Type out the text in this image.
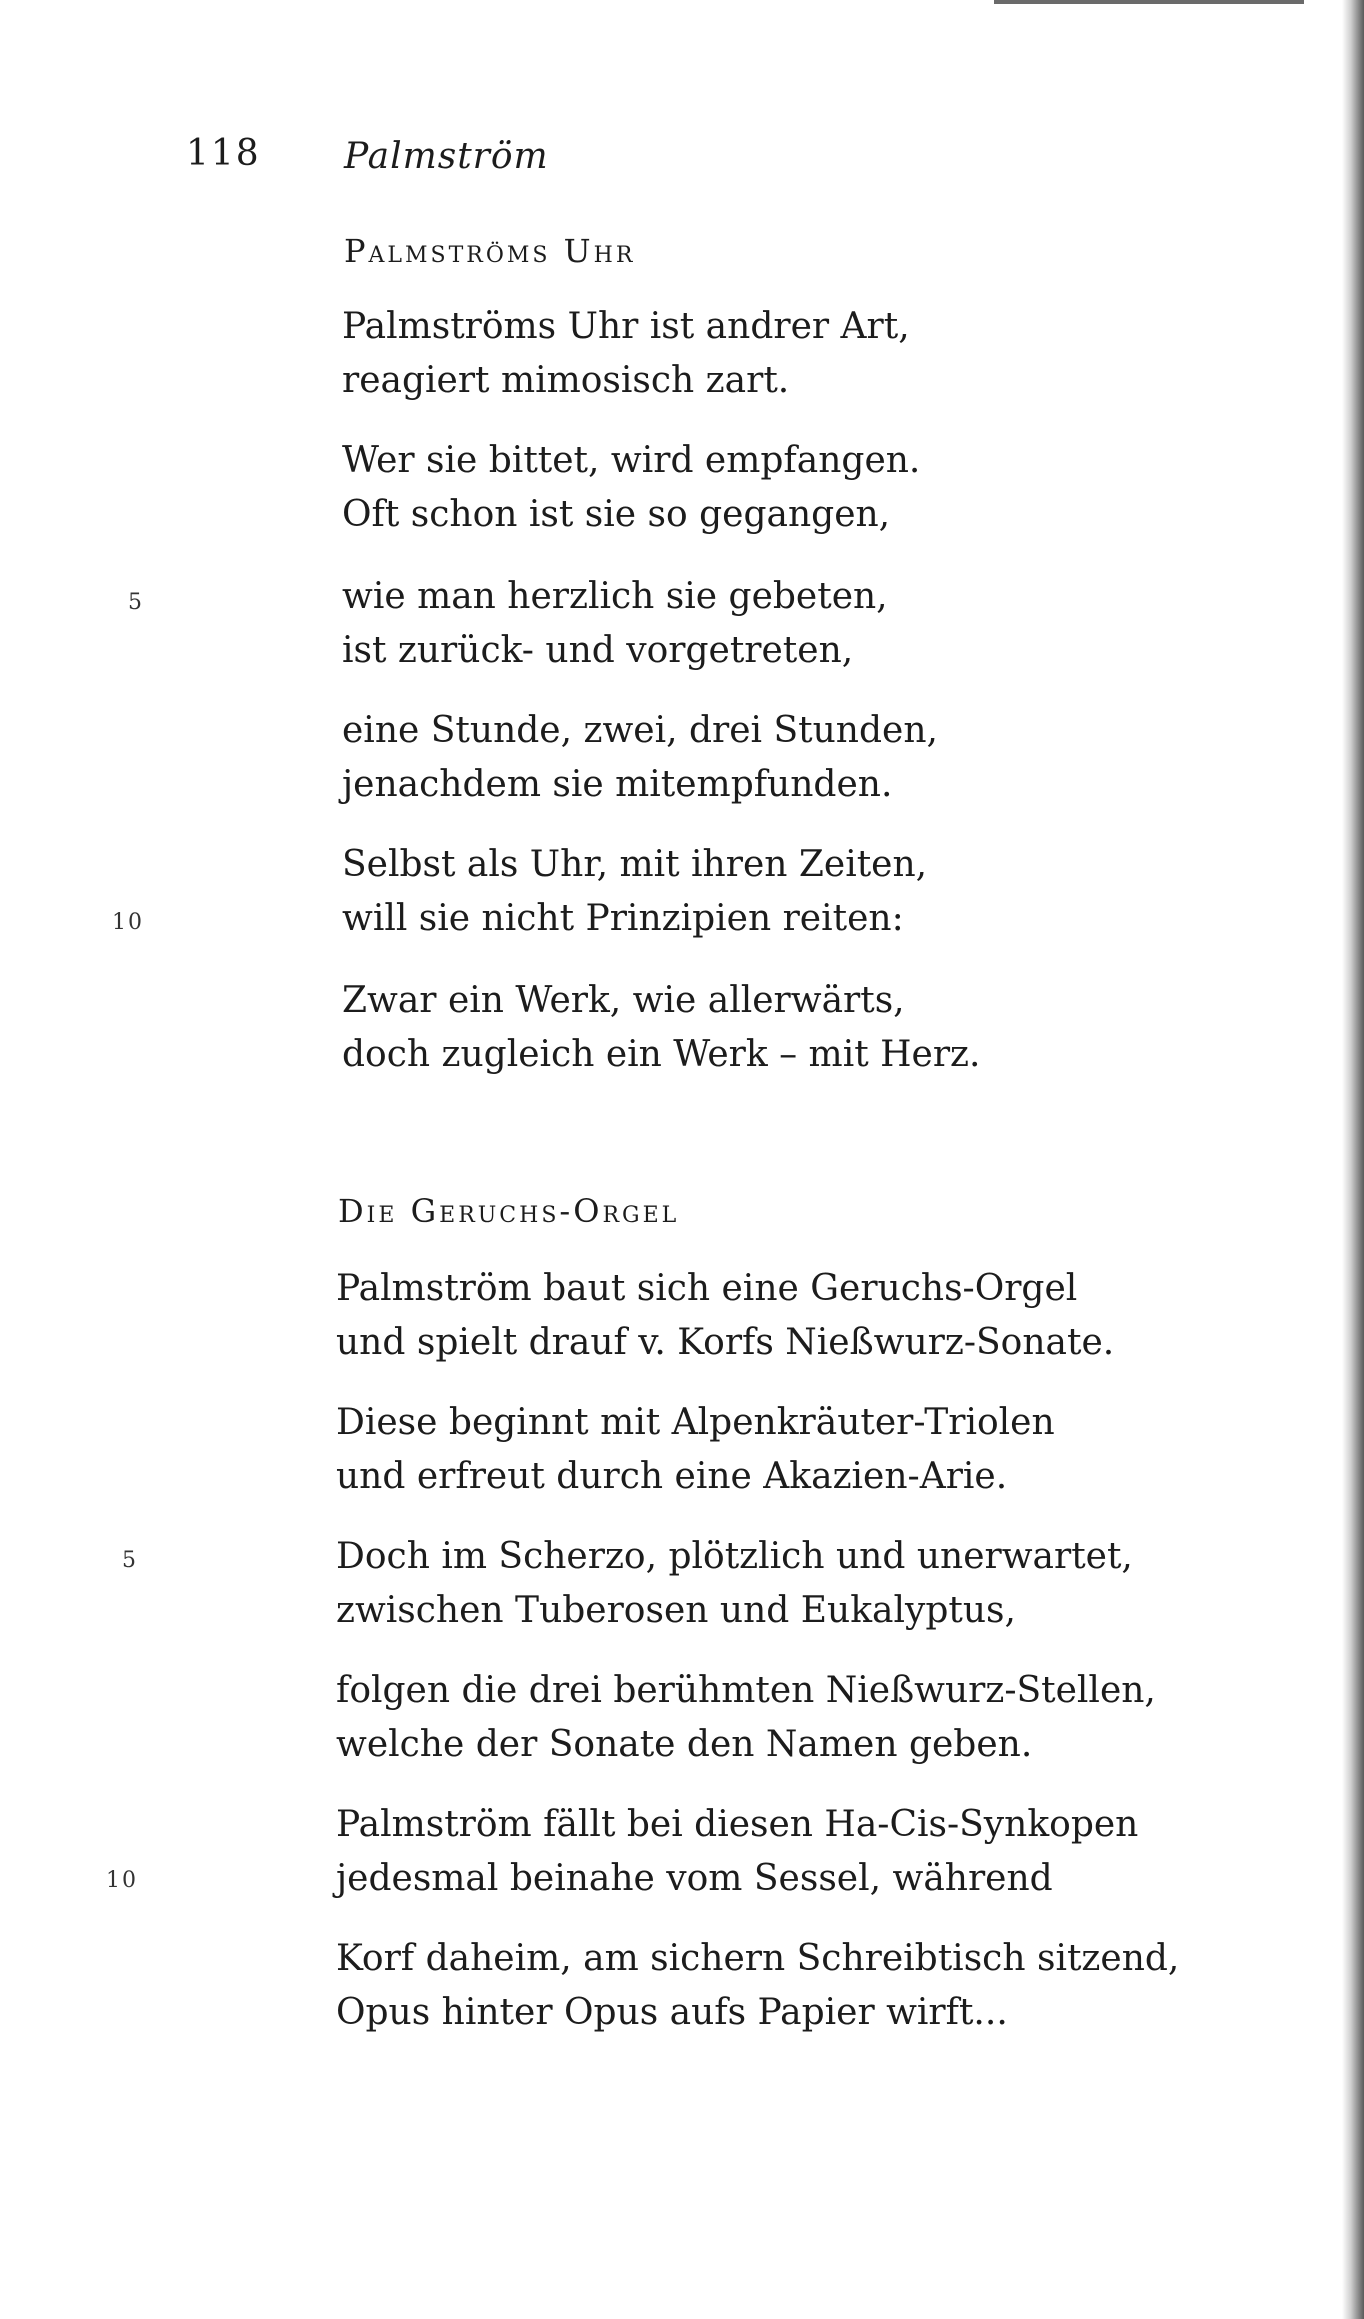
118 Palmström
Palmströms Uhr
Palmströms Uhr ist andrer Art,
reagiert mimosisch zart.
Wer sie bittet, wird empfangen.
Oft schon ist sie so gegangen,
5	wie man herzlich sie gebeten,
ist zurück- und vorgetreten,
eine Stunde, zwei, drei Stunden,
jenachdem sie mitempfunden.
Selbst als Uhr, mit ihren Zeiten,
10	will sie nicht Prinzipien reiten:
Zwar ein Werk, wie allerwärts,
doch zugleich ein Werk – mit Herz.
Die Geruchs-Orgel
Palmström baut sich eine Geruchs-Orgel
und spielt drauf v. Korfs Nießwurz-Sonate.
Diese beginnt mit Alpenkräuter-Triolen
und erfreut durch eine Akazien-Arie.
5	Doch im Scherzo, plötzlich und unerwartet,
zwischen Tuberosen und Eukalyptus,
folgen die drei berühmten Nießwurz-Stellen,
welche der Sonate den Namen geben.
Palmström fällt bei diesen Ha-Cis-Synkopen
10	jedesmal beinahe vom Sessel, während
Korf daheim, am sichern Schreibtisch sitzend,
Opus hinter Opus aufs Papier wirft...
